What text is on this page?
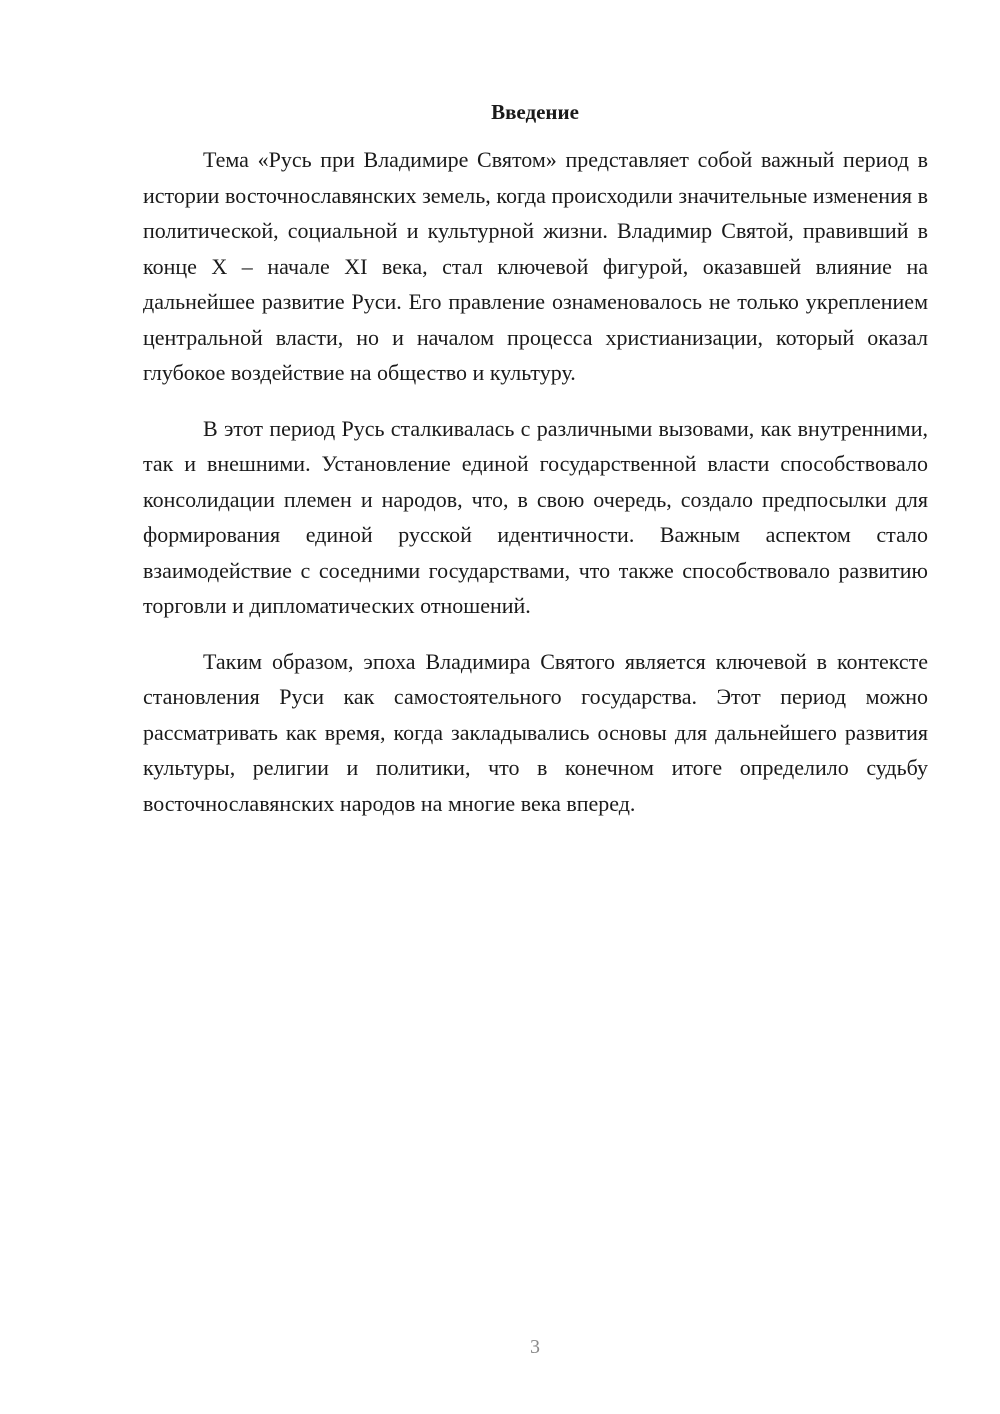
Введение

Тема «Русь при Владимире Святом» представляет собой важный период в истории восточнославянских земель, когда происходили значительные изменения в политической, социальной и культурной жизни. Владимир Святой, правивший в конце X – начале XI века, стал ключевой фигурой, оказавшей влияние на дальнейшее развитие Руси. Его правление ознаменовалось не только укреплением центральной власти, но и началом процесса христианизации, который оказал глубокое воздействие на общество и культуру.

В этот период Русь сталкивалась с различными вызовами, как внутренними, так и внешними. Установление единой государственной власти способствовало консолидации племен и народов, что, в свою очередь, создало предпосылки для формирования единой русской идентичности. Важным аспектом стало взаимодействие с соседними государствами, что также способствовало развитию торговли и дипломатических отношений.

Таким образом, эпоха Владимира Святого является ключевой в контексте становления Руси как самостоятельного государства. Этот период можно рассматривать как время, когда закладывались основы для дальнейшего развития культуры, религии и политики, что в конечном итоге определило судьбу восточнославянских народов на многие века вперед.

3
